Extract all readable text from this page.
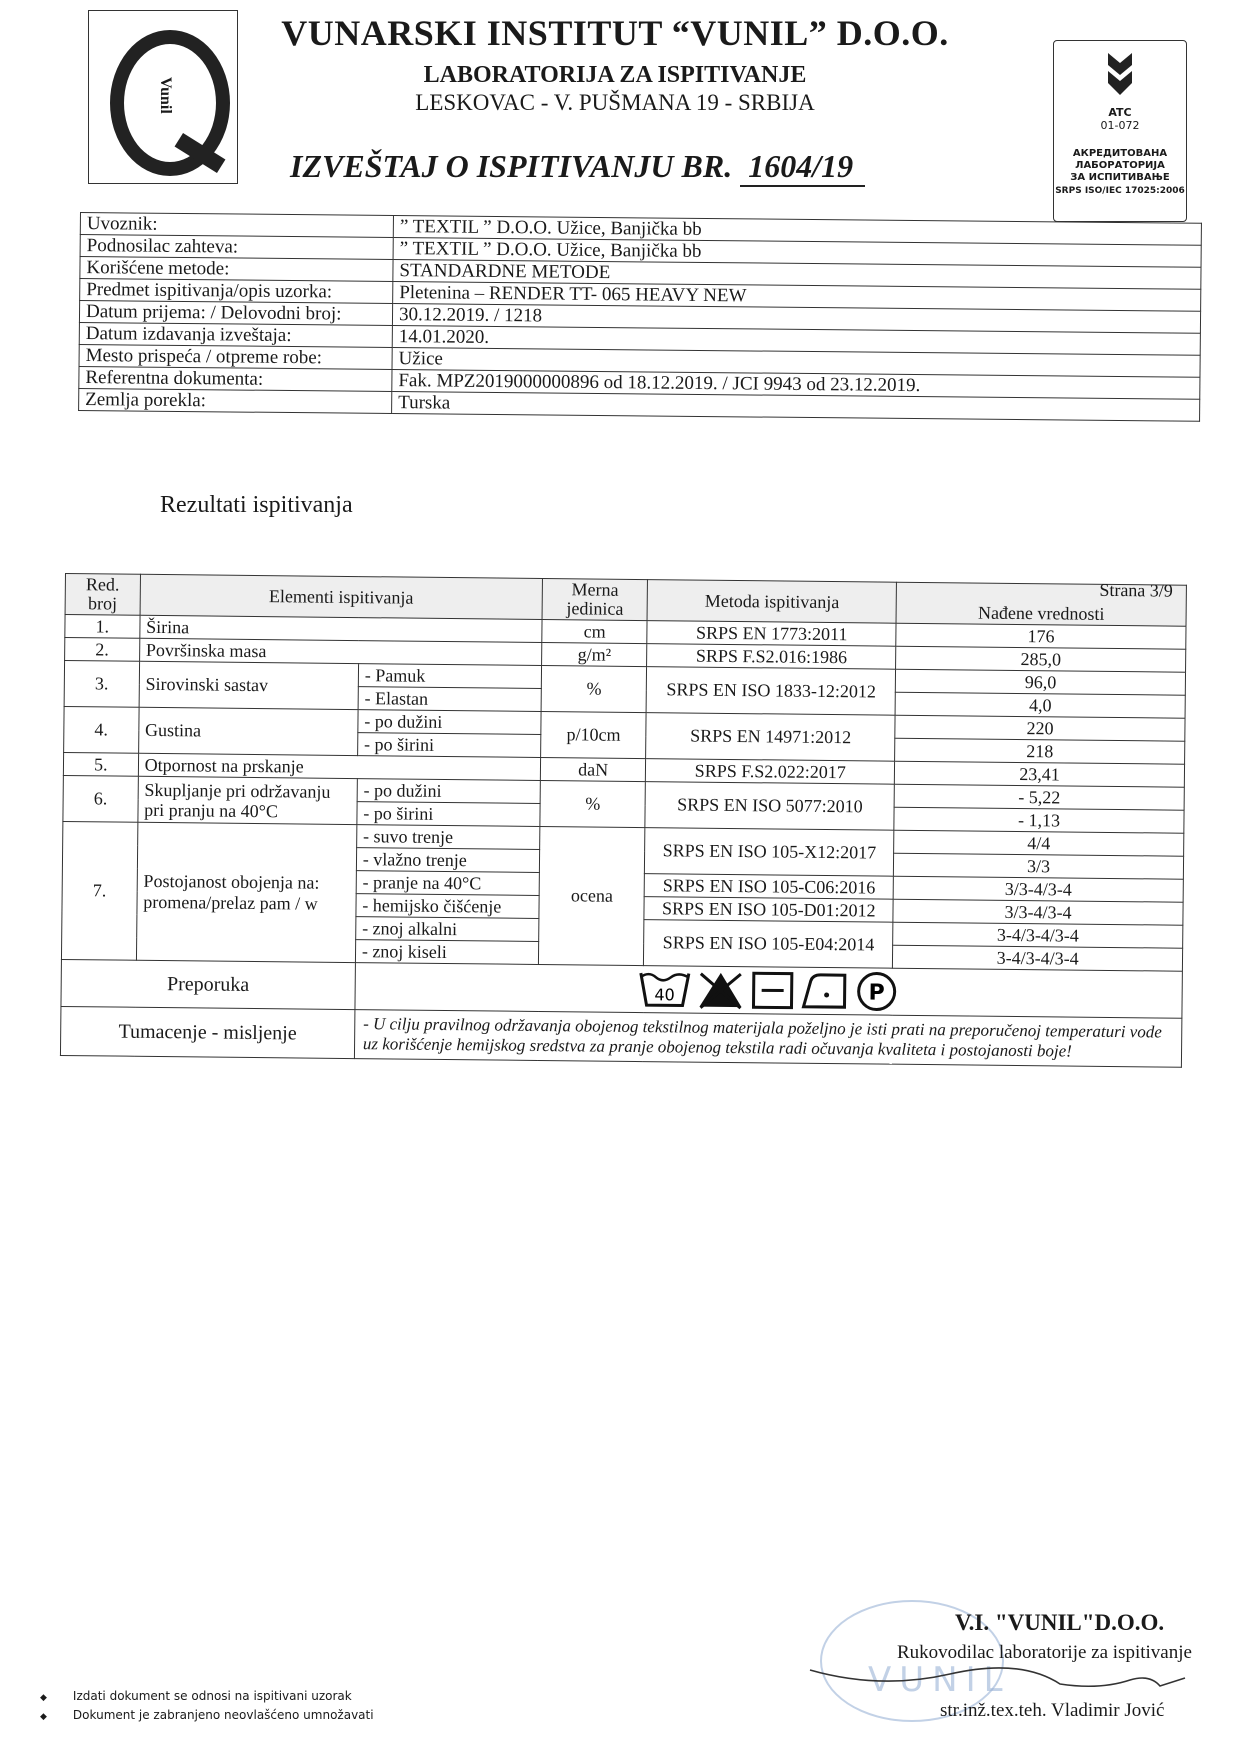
Vunil
VUNARSKI INSTITUT “VUNIL” D.O.O.
LABORATORIJA ZA ISPITIVANJE
LESKOVAC - V. PUŠMANA 19 - SRBIJA
IZVEŠTAJ O ISPITIVANJU BR. 1604/19
ATC
01-072
АКРЕДИТОВАНА
ЛАБОРАТОРИЈА
ЗА ИСПИТИВАЊЕ
SRPS ISO/IEC 17025:2006
Uvoznik:	” TEXTIL ” D.O.O. Užice, Banjička bb
Podnosilac zahteva:	” TEXTIL ” D.O.O. Užice, Banjička bb
Korišćene metode:	STANDARDNE METODE
Predmet ispitivanja/opis uzorka:	Pletenina – RENDER TT- 065 HEAVY NEW
Datum prijema: / Delovodni broj:	30.12.2019. / 1218
Datum izdavanja izveštaja:	14.01.2020.
Mesto prispeća / otpreme robe:	Užice
Referentna dokumenta:	Fak. MPZ2019000000896 od 18.12.2019. / JCI 9943 od 23.12.2019.
Zemlja porekla:	Turska
Rezultati ispitivanja
Strana 3/9
Red. broj	Elementi ispitivanja		Merna jedinica	Metoda ispitivanja	Nađene vrednosti
1.	Širina		cm	SRPS EN 1773:2011	176
2.	Površinska masa		g/m²	SRPS F.S2.016:1986	285,0
3.	Sirovinski sastav	- Pamuk	%	SRPS EN ISO 1833-12:2012	96,0
		- Elastan			4,0
4.	Gustina	- po dužini	p/10cm	SRPS EN 14971:2012	220
		- po širini			218
5.	Otpornost na prskanje		daN	SRPS F.S2.022:2017	23,41
6.	Skupljanje pri održavanju pri pranju na 40°C	- po dužini	%	SRPS EN ISO 5077:2010	- 5,22
		- po širini			- 1,13
7.	Postojanost obojenja na: promena/prelaz pam / w	- suvo trenje	ocena	SRPS EN ISO 105-X12:2017	4/4
		- vlažno trenje			3/3
		- pranje na 40°C		SRPS EN ISO 105-C06:2016	3/3-4/3-4
		- hemijsko čišćenje		SRPS EN ISO 105-D01:2012	3/3-4/3-4
		- znoj alkalni		SRPS EN ISO 105-E04:2014	3-4/3-4/3-4
		- znoj kiseli			3-4/3-4/3-4
Preporuka		40 P			

Tumacenje - misljenje		- U cilju pravilnog održavanja obojenog tekstilnog materijala poželjno je isti prati na preporučenoj temperaturi vode uz korišćenje hemijskog sredstva za pranje obojenog tekstila radi očuvanja kvaliteta i postojanosti boje!			
VUNIL
V.I. "VUNIL"D.O.O.
Rukovodilac laboratorije za ispitivanje
str.inž.tex.teh. Vladimir Jović
◆ Izdati dokument se odnosi na ispitivani uzorak
◆ Dokument je zabranjeno neovlašćeno umnožavati
